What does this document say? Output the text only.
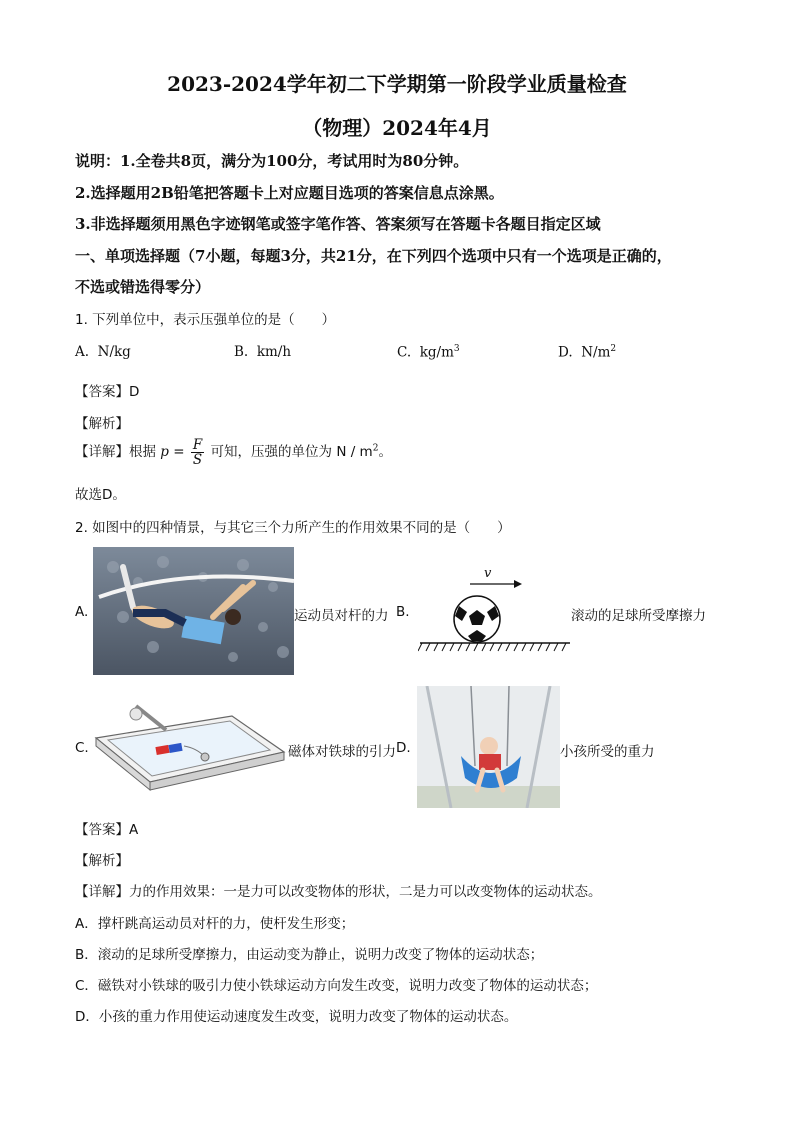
2023-2024学年初二下学期第一阶段学业质量检查
（物理）2024年4月
说明：1.全卷共8页，满分为100分，考试用时为80分钟。
2.选择题用2B铅笔把答题卡上对应题目选项的答案信息点涂黑。
3.非选择题须用黑色字迹钢笔或签字笔作答、答案须写在答题卡各题目指定区域
一、单项选择题（7小题，每题3分，共21分，在下列四个选项中只有一个选项是正确的，
不选或错选得零分）
1. 下列单位中，表示压强单位的是（　　）
A. N/kg	B. km/h	C. $kg/m^3$	D. $N/m^2$
【答案】D
【解析】
【详解】根据 $p = \frac{F}{S}$ 可知，压强的单位为 N / $m^2$。
故选D。
2. 如图中的四种情景，与其它三个力所产生的作用效果不同的是（　　）
A.	运动员对杆的力 B.
v
滚动的足球所受摩擦力
C.	磁体对铁球的引力 D.	小孩所受的重力
【答案】A
【解析】
【详解】力的作用效果：一是力可以改变物体的形状，二是力可以改变物体的运动状态。
A．撑杆跳高运动员对杆的力，使杆发生形变；
B．滚动的足球所受摩擦力，由运动变为静止，说明力改变了物体的运动状态；
C．磁铁对小铁球的吸引力使小铁球运动方向发生改变，说明力改变了物体的运动状态；
D．小孩的重力作用使运动速度发生改变，说明力改变了物体的运动状态。
